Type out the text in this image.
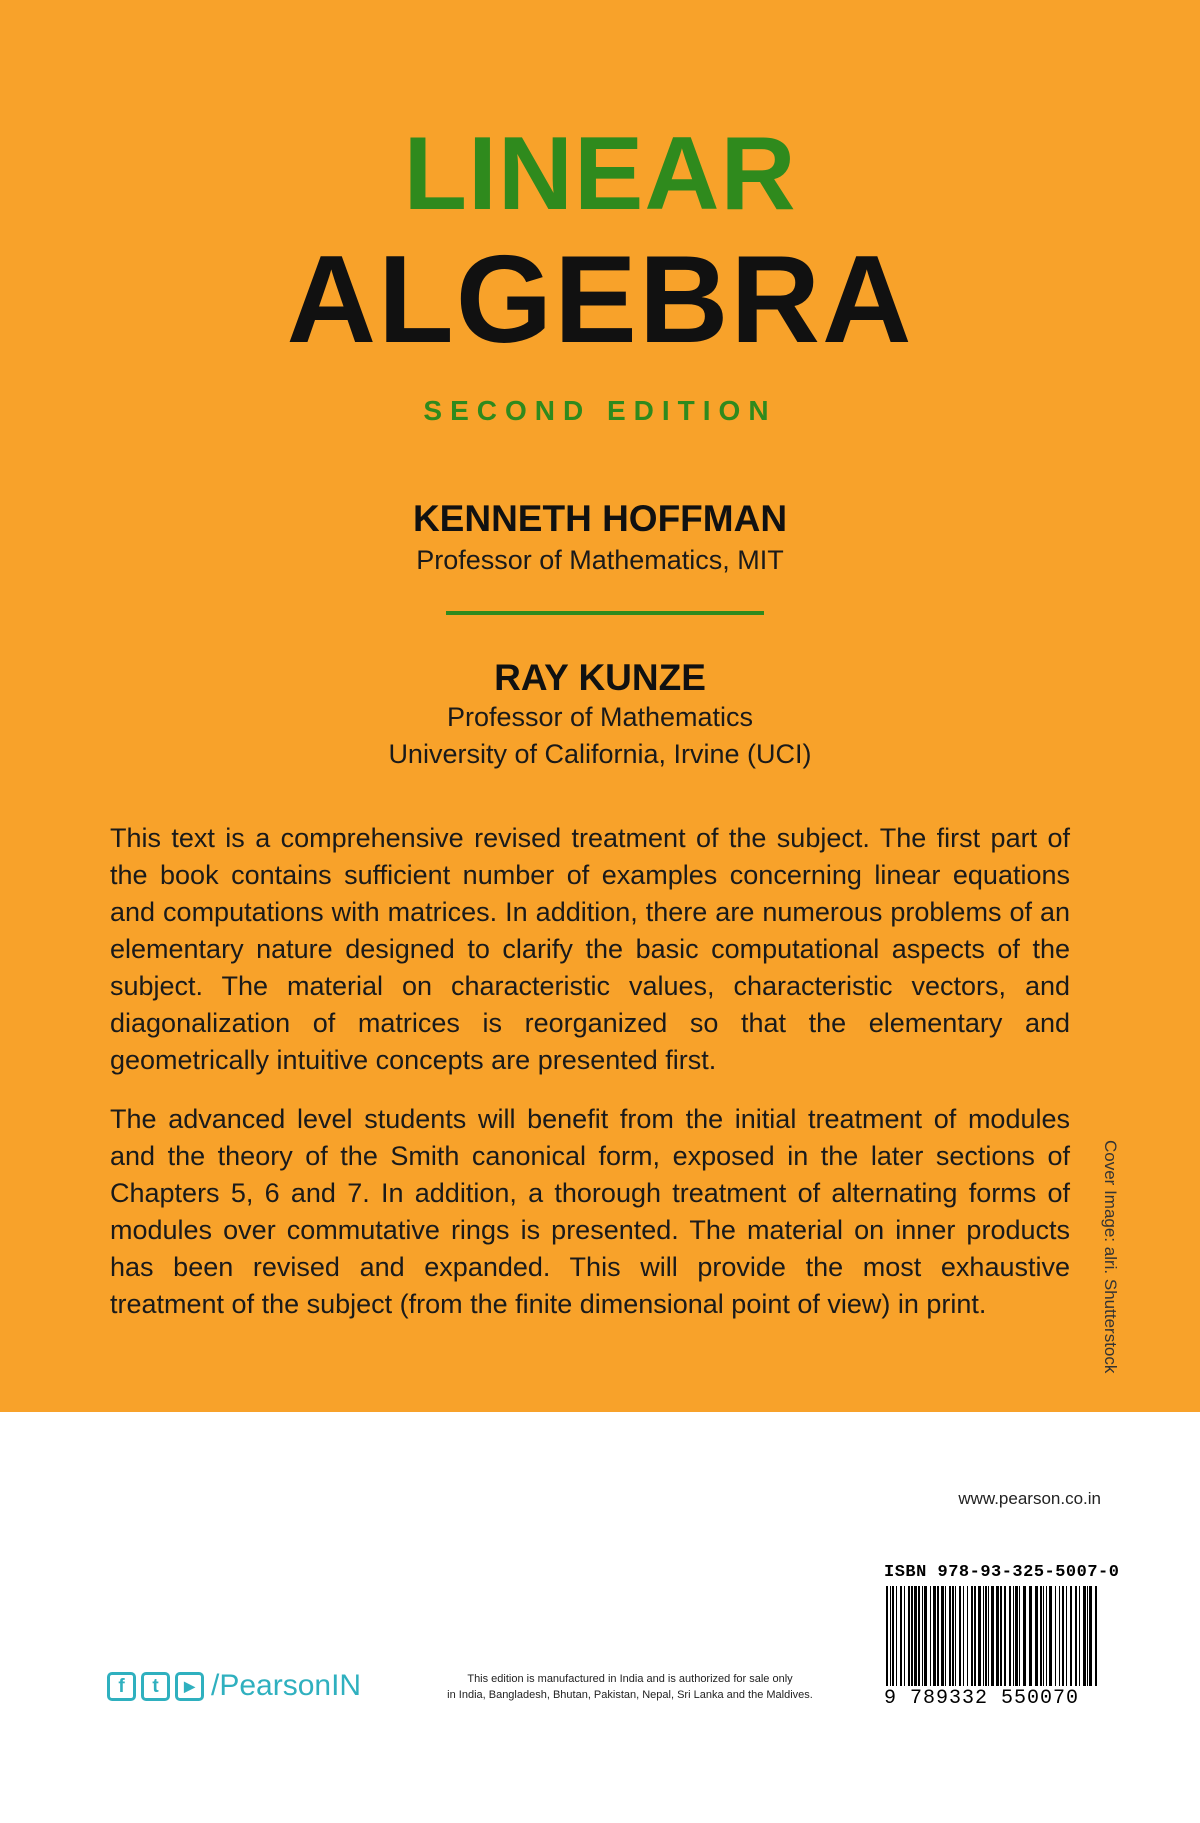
LINEAR
ALGEBRA
SECOND EDITION
KENNETH HOFFMAN
Professor of Mathematics, MIT
RAY KUNZE
Professor of Mathematics
University of California, Irvine (UCI)

This text is a comprehensive revised treatment of the subject. The first part of the book contains sufficient number of examples concerning linear equations and computations with matrices. In addition, there are numerous problems of an elementary nature designed to clarify the basic computational aspects of the subject. The material on characteristic values, characteristic vectors, and diagonalization of matrices is reorganized so that the elementary and geometrically intuitive concepts are presented first.

The advanced level students will benefit from the initial treatment of modules and the theory of the Smith canonical form, exposed in the later sections of Chapters 5, 6 and 7. In addition, a thorough treatment of alternating forms of modules over commutative rings is presented. The material on inner products has been revised and expanded. This will provide the most exhaustive treatment of the subject (from the finite dimensional point of view) in print.	Cover Image: alri. Shutterstock
www.pearson.co.in
ISBN 978-93-325-5007-0
9 789332 550070
f	t	▶ /PearsonIN	This edition is manufactured in India and is authorized for sale only
in India, Bangladesh, Bhutan, Pakistan, Nepal, Sri Lanka and the Maldives.
